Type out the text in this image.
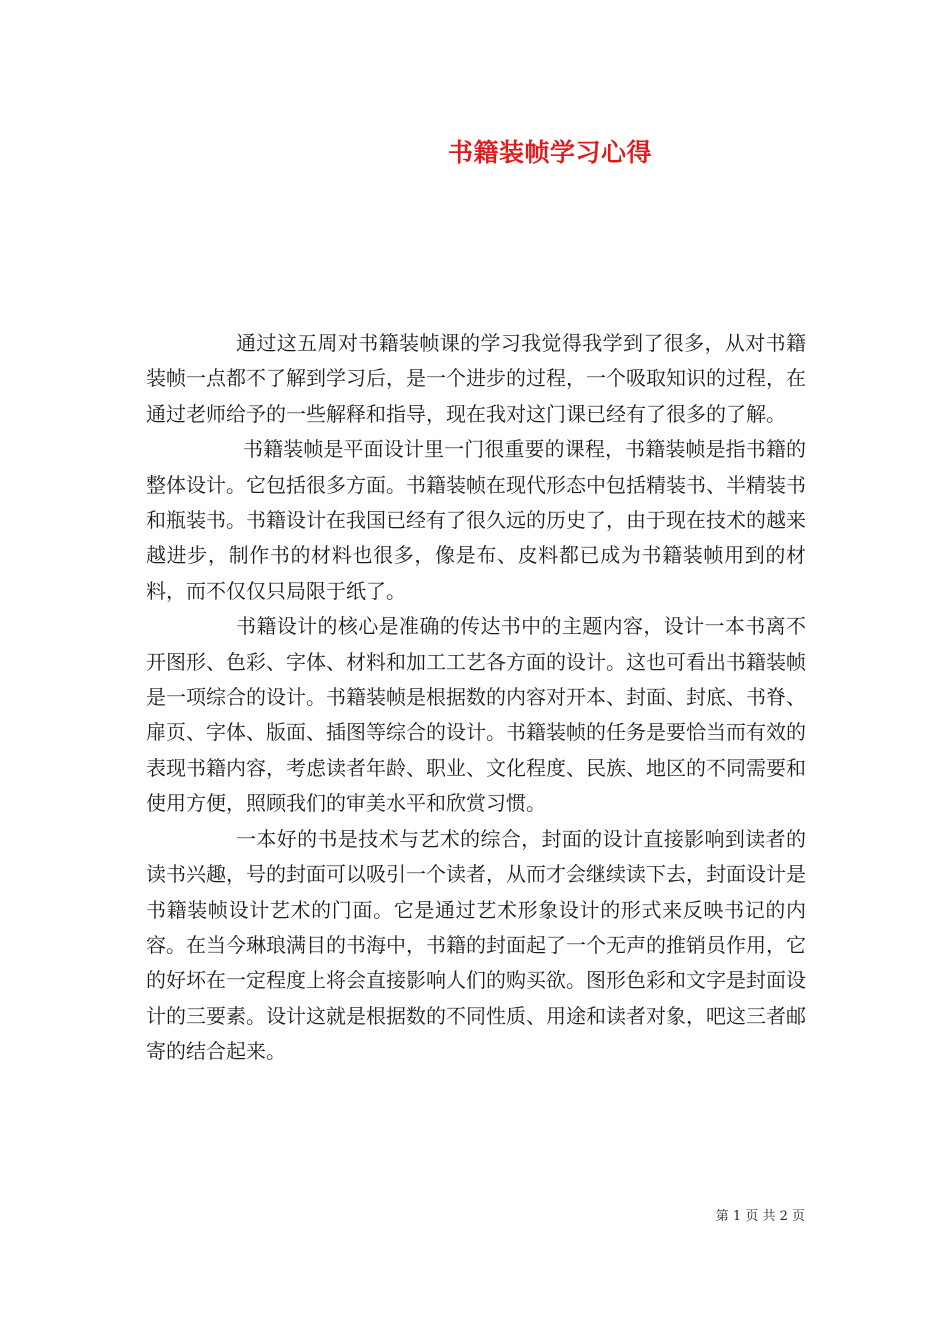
书籍装帧学习心得

通过这五周对书籍装帧课的学习我觉得我学到了很多，从对书籍装帧一点都不了解到学习后，是一个进步的过程，一个吸取知识的过程，在通过老师给予的一些解释和指导，现在我对这门课已经有了很多的了解。

书籍装帧是平面设计里一门很重要的课程，书籍装帧是指书籍的整体设计。它包括很多方面。书籍装帧在现代形态中包括精装书、半精装书和瓶装书。书籍设计在我国已经有了很久远的历史了，由于现在技术的越来越进步，制作书的材料也很多，像是布、皮料都已成为书籍装帧用到的材料，而不仅仅只局限于纸了。

书籍设计的核心是准确的传达书中的主题内容，设计一本书离不开图形、色彩、字体、材料和加工工艺各方面的设计。这也可看出书籍装帧是一项综合的设计。书籍装帧是根据数的内容对开本、封面、封底、书脊、扉页、字体、版面、插图等综合的设计。书籍装帧的任务是要恰当而有效的表现书籍内容，考虑读者年龄、职业、文化程度、民族、地区的不同需要和使用方便，照顾我们的审美水平和欣赏习惯。

一本好的书是技术与艺术的综合，封面的设计直接影响到读者的读书兴趣，号的封面可以吸引一个读者，从而才会继续读下去，封面设计是书籍装帧设计艺术的门面。它是通过艺术形象设计的形式来反映书记的内容。在当今琳琅满目的书海中，书籍的封面起了一个无声的推销员作用，它的好坏在一定程度上将会直接影响人们的购买欲。图形色彩和文字是封面设计的三要素。设计这就是根据数的不同性质、用途和读者对象，吧这三者邮寄的结合起来。

第 1 页 共 2 页
